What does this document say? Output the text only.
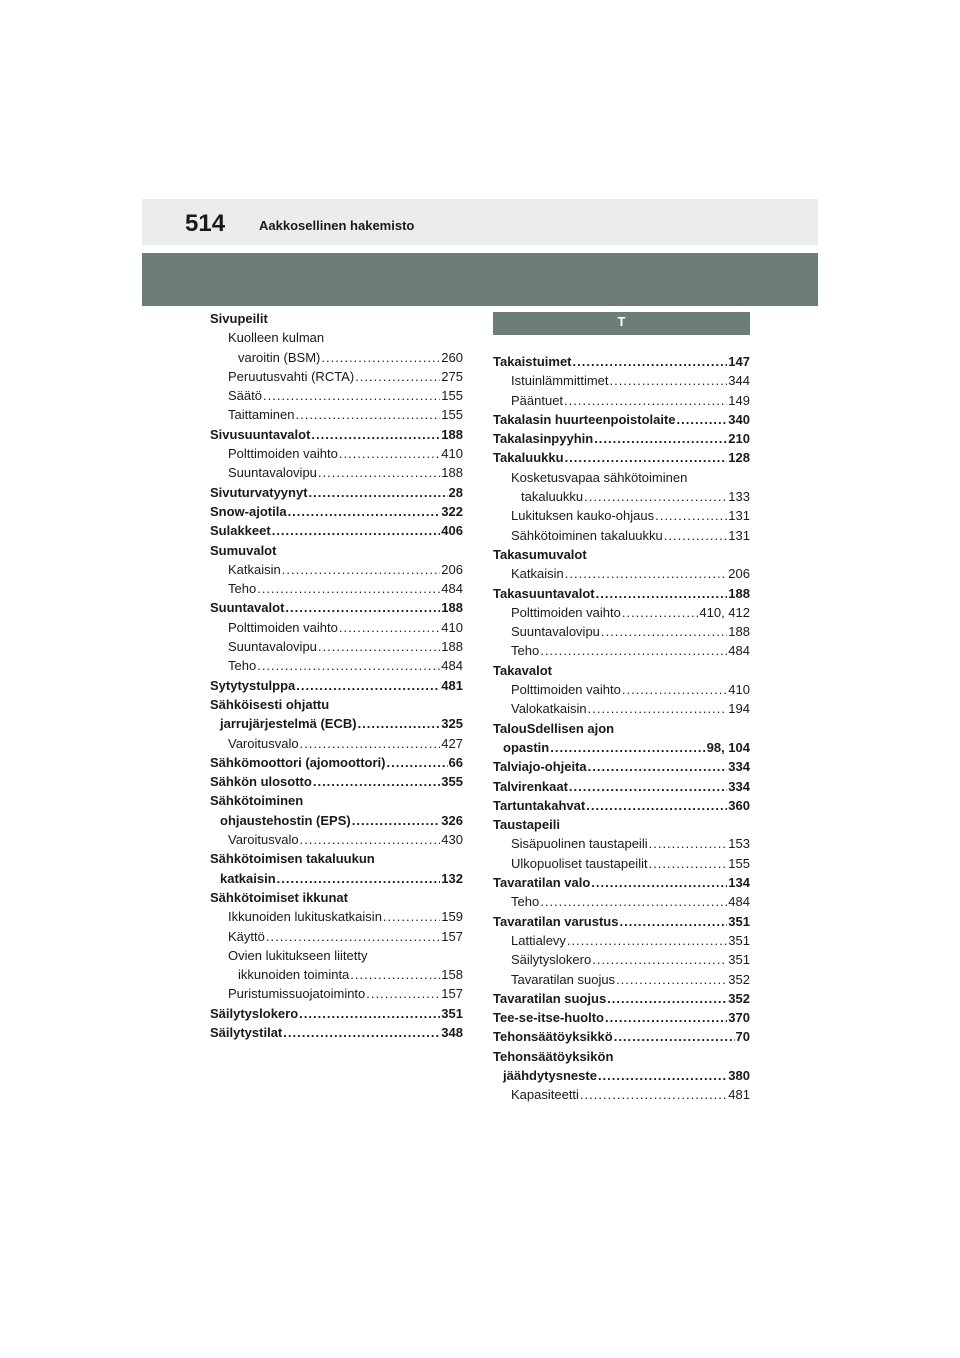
514	Aakkosellinen hakemisto
Sivupeilit
Kuolleen kulman
varoitin (BSM) .....	260
Peruutusvahti (RCTA) .....	275
Säätö .....	155
Taittaminen .....	155
Sivusuuntavalot .....	188
Polttimoiden vaihto .....	410
Suuntavalovipu .....	188
Sivuturvatyynyt .....	28
Snow-ajotila .....	322
Sulakkeet .....	406
Sumuvalot
Katkaisin .....	206
Teho .....	484
Suuntavalot .....	188
Polttimoiden vaihto .....	410
Suuntavalovipu .....	188
Teho .....	484
Sytytystulppa .....	481
Sähköisesti ohjattu
jarrujärjestelmä (ECB) .....	325
Varoitusvalo .....	427
Sähkömoottori (ajomoottori) .....	66
Sähkön ulosotto .....	355
Sähkötoiminen
ohjaustehostin (EPS) .....	326
Varoitusvalo .....	430
Sähkötoimisen takaluukun
katkaisin .....	132
Sähkötoimiset ikkunat
Ikkunoiden lukituskatkaisin .....	159
Käyttö .....	157
Ovien lukitukseen liitetty
ikkunoiden toiminta .....	158
Puristumissuojatoiminto .....	157
Säilytyslokero .....	351
Säilytystilat .....	348
T
Takaistuimet .....	147
Istuinlämmittimet .....	344
Pääntuet .....	149
Takalasin huurteenpoistolaite .....	340
Takalasinpyyhin .....	210
Takaluukku .....	128
Kosketusvapaa sähkötoiminen
takaluukku .....	133
Lukituksen kauko-ohjaus .....	131
Sähkötoiminen takaluukku .....	131
Takasumuvalot
Katkaisin .....	206
Takasuuntavalot .....	188
Polttimoiden vaihto .....	410, 412
Suuntavalovipu .....	188
Teho .....	484
Takavalot
Polttimoiden vaihto .....	410
Valokatkaisin .....	194
TalouSdellisen ajon
opastin .....	98, 104
Talviajo-ohjeita .....	334
Talvirenkaat .....	334
Tartuntakahvat .....	360
Taustapeili
Sisäpuolinen taustapeili .....	153
Ulkopuoliset taustapeilit .....	155
Tavaratilan valo .....	134
Teho .....	484
Tavaratilan varustus .....	351
Lattialevy .....	351
Säilytyslokero .....	351
Tavaratilan suojus .....	352
Tavaratilan suojus .....	352
Tee-se-itse-huolto .....	370
Tehonsäätöyksikkö .....	70
Tehonsäätöyksikön
jäähdytysneste .....	380
Kapasiteetti .....	481
